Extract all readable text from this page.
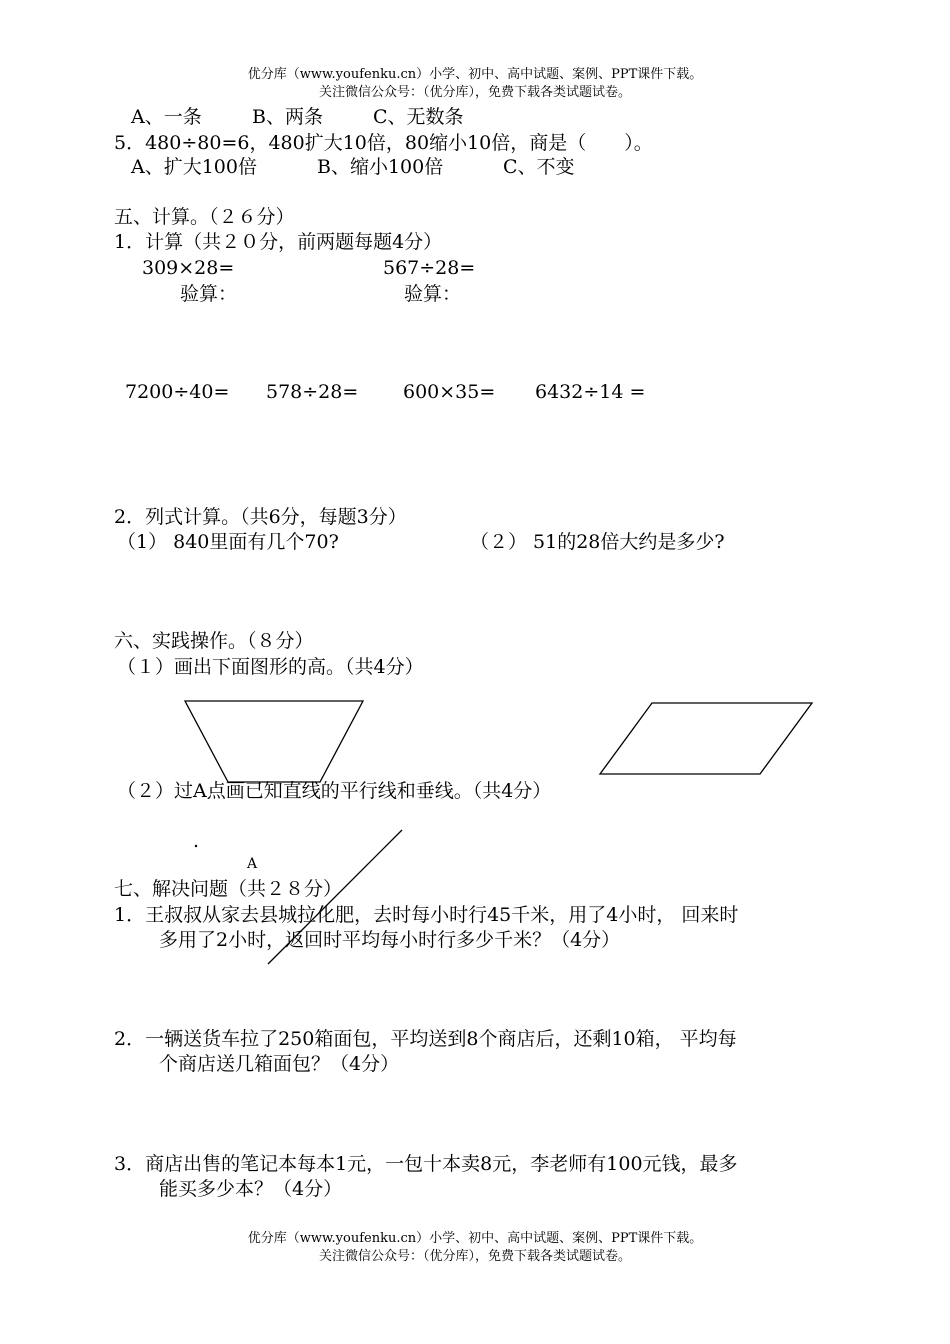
优分库（www.youfenku.cn）小学、初中、高中试题、案例、PPT课件下载。
关注微信公众号：（优分库），免费下载各类试题试卷。
A、一条	B、两条	C、无数条
5．480÷80=6，480扩大10倍，80缩小10倍，商是（　　）。
A、扩大100倍	B、缩小100倍	C、不变
五、计算。（２６分）
1．计算（共２０分，前两题每题4分）
309×28=	567÷28=
验算：	验算：
7200÷40= 578÷28= 600×35= 6432÷14 =
2．列式计算。（共6分，每题3分）
（1） 840里面有几个70?	（２） 51的28倍大约是多少?
六、实践操作。（８分）
（１）画出下面图形的高。（共4分）
（２）过A点画已知直线的平行线和垂线。（共4分）
.
A
七、解决问题（共２８分）
1．王叔叔从家去县城拉化肥，去时每小时行45千米，用了4小时， 回来时
多用了2小时，返回时平均每小时行多少千米？（4分）
2．一辆送货车拉了250箱面包，平均送到8个商店后，还剩10箱， 平均每
个商店送几箱面包？（4分）
3．商店出售的笔记本每本1元，一包十本卖8元，李老师有100元钱，最多
能买多少本？（4分）
优分库（www.youfenku.cn）小学、初中、高中试题、案例、PPT课件下载。
关注微信公众号：（优分库），免费下载各类试题试卷。
